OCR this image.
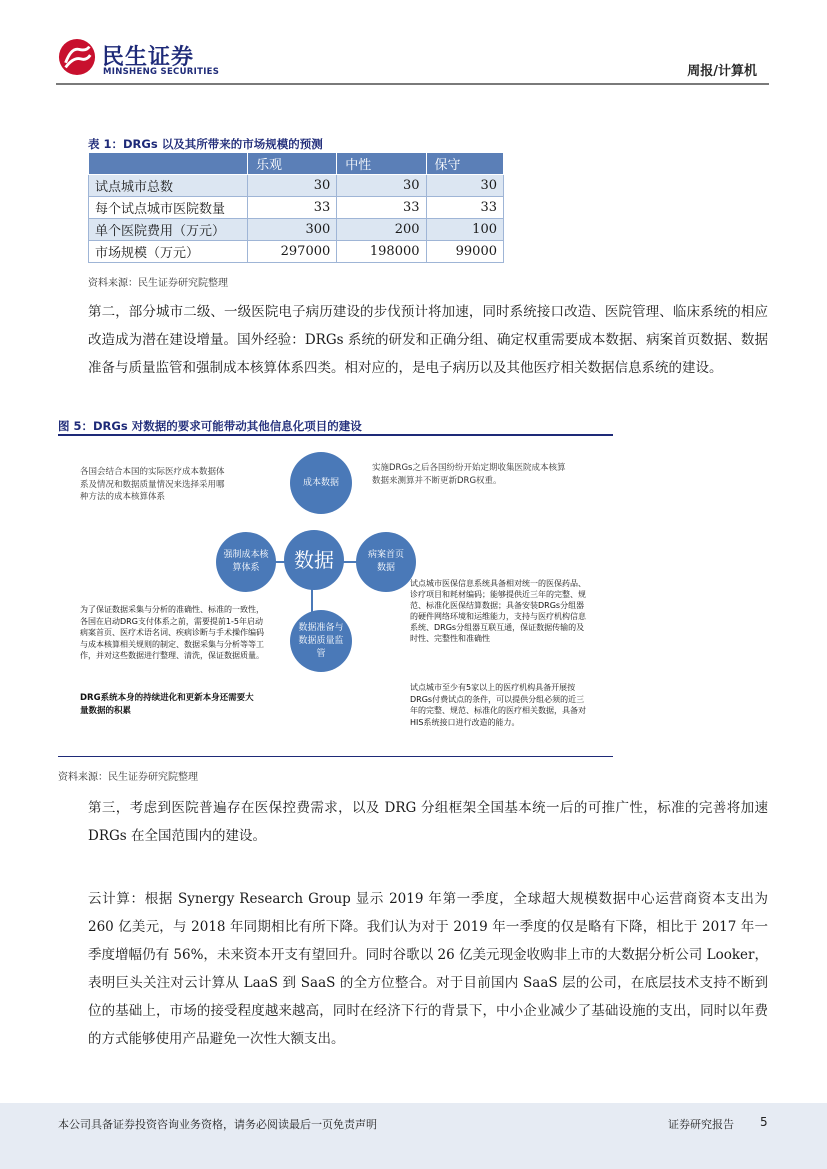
民生证券
MINSHENG SECURITIES	周报/计算机
表 1：DRGs 以及其所带来的市场规模的预测
	乐观	中性	保守
试点城市总数	30	30	30
每个试点城市医院数量	33	33	33
单个医院费用（万元）	300	200	100
市场规模（万元）	297000	198000	99000
资料来源：民生证券研究院整理
第二，部分城市二级、一级医院电子病历建设的步伐预计将加速，同时系统接口改造、医院管理、临床系统的相应改造成为潜在建设增量。国外经验：DRGs 系统的研发和正确分组、确定权重需要成本数据、病案首页数据、数据准备与质量监管和强制成本核算体系四类。相对应的，是电子病历以及其他医疗相关数据信息系统的建设。
图 5：DRGs 对数据的要求可能带动其他信息化项目的建设
成本数据
强制成本核算体系	数据	病案首页数据
数据准备与数据质量监管
各国会结合本国的实际医疗成本数据体系及情况和数据质量情况来选择采用哪种方法的成本核算体系
实施DRGs之后各国纷纷开始定期收集医院成本核算数据来测算并不断更新DRG权重。
试点城市医保信息系统具备相对统一的医保药品、诊疗项目和耗材编码；能够提供近三年的完整、规范、标准化医保结算数据；具备安装DRGs分组器的硬件网络环境和运维能力，支持与医疗机构信息系统、DRGs分组器互联互通，保证数据传输的及时性、完整性和准确性
为了保证数据采集与分析的准确性、标准的一致性，各国在启动DRG支付体系之前，需要提前1-5年启动病案首页、医疗术语名词、疾病诊断与手术操作编码与成本核算相关规则的制定、数据采集与分析等等工作，并对这些数据进行整理、清洗，保证数据质量。
DRG系统本身的持续进化和更新本身还需要大量数据的积累
试点城市至少有5家以上的医疗机构具备开展按DRGs付费试点的条件，可以提供分组必须的近三年的完整、规范、标准化的医疗相关数据，具备对HIS系统接口进行改造的能力。
资料来源：民生证券研究院整理
第三，考虑到医院普遍存在医保控费需求，以及 DRG 分组框架全国基本统一后的可推广性，标准的完善将加速 DRGs 在全国范围内的建设。
云计算：根据 Synergy Research Group 显示 2019 年第一季度，全球超大规模数据中心运营商资本支出为 260 亿美元，与 2018 年同期相比有所下降。我们认为对于 2019 年一季度的仅是略有下降，相比于 2017 年一季度增幅仍有 56%，未来资本开支有望回升。同时谷歌以 26 亿美元现金收购非上市的大数据分析公司 Looker，表明巨头关注对云计算从 LaaS 到 SaaS 的全方位整合。对于目前国内 SaaS 层的公司，在底层技术支持不断到位的基础上，市场的接受程度越来越高，同时在经济下行的背景下，中小企业减少了基础设施的支出，同时以年费的方式能够使用产品避免一次性大额支出。
本公司具备证券投资咨询业务资格，请务必阅读最后一页免责声明	证券研究报告 5
